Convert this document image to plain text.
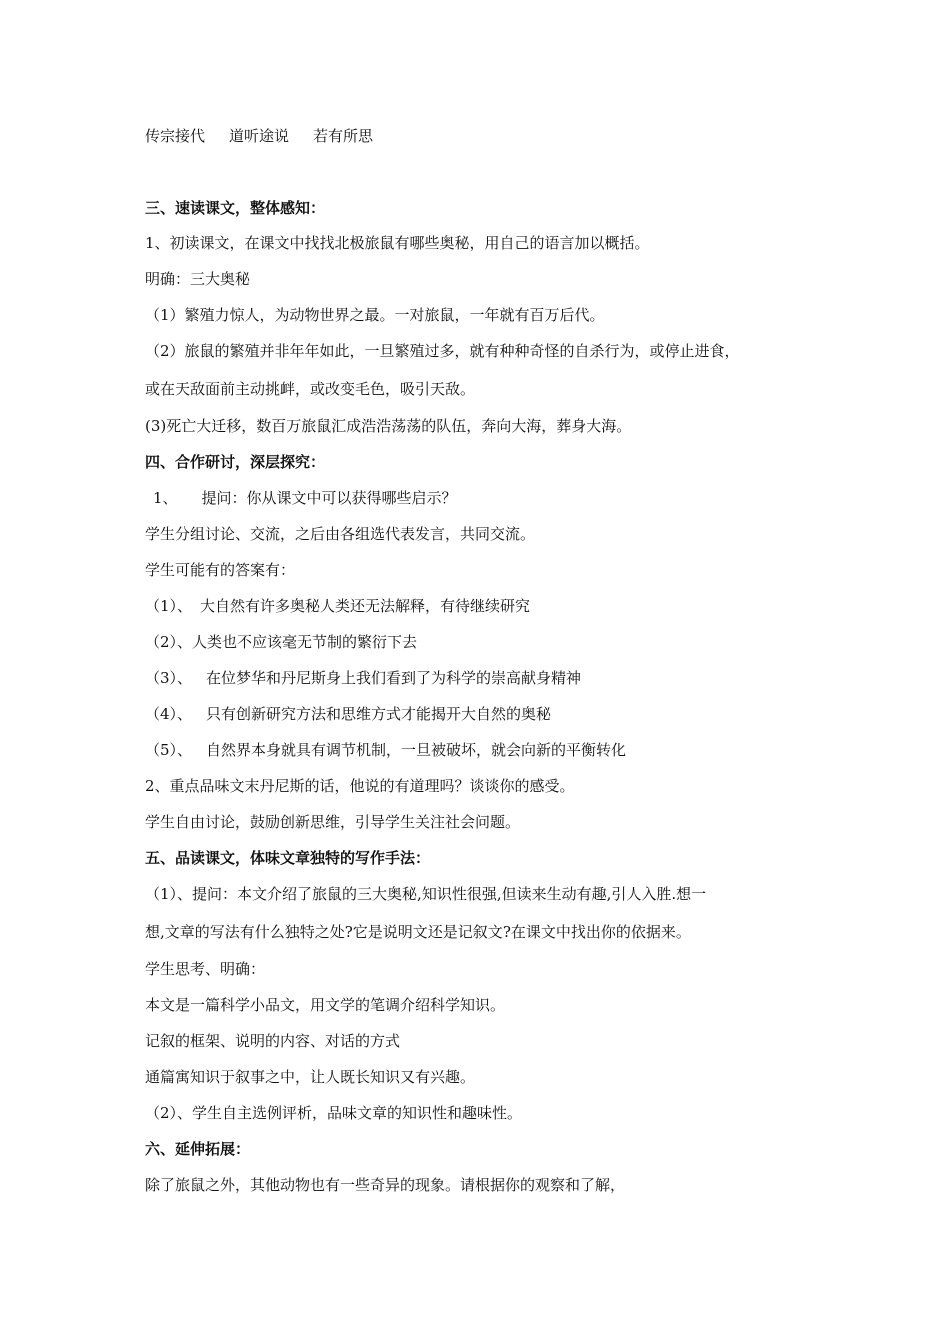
传宗接代 道听途说 若有所思
三、速读课文，整体感知：
1、初读课文，在课文中找找北极旅鼠有哪些奥秘，用自己的语言加以概括。
明确：三大奥秘
（1）繁殖力惊人，为动物世界之最。一对旅鼠，一年就有百万后代。
（2）旅鼠的繁殖并非年年如此，一旦繁殖过多，就有种种奇怪的自杀行为，或停止进食，
或在天敌面前主动挑衅，或改变毛色，吸引天敌。
(3)死亡大迁移，数百万旅鼠汇成浩浩荡荡的队伍，奔向大海，葬身大海。
四、合作研讨，深层探究：
1、 提问：你从课文中可以获得哪些启示？
学生分组讨论、交流，之后由各组选代表发言，共同交流。
学生可能有的答案有：
（1）、 大自然有许多奥秘人类还无法解释，有待继续研究
（2）、人类也不应该毫无节制的繁衍下去
（3）、 在位梦华和丹尼斯身上我们看到了为科学的崇高献身精神
（4）、 只有创新研究方法和思维方式才能揭开大自然的奥秘
（5）、 自然界本身就具有调节机制，一旦被破坏，就会向新的平衡转化
2、重点品味文末丹尼斯的话，他说的有道理吗？谈谈你的感受。
学生自由讨论，鼓励创新思维，引导学生关注社会问题。
五、品读课文，体味文章独特的写作手法：
（1）、提问：本文介绍了旅鼠的三大奥秘,知识性很强,但读来生动有趣,引人入胜.想一
想,文章的写法有什么独特之处?它是说明文还是记叙文?在课文中找出你的依据来。
学生思考、明确：
本文是一篇科学小品文，用文学的笔调介绍科学知识。
记叙的框架、说明的内容、对话的方式
通篇寓知识于叙事之中，让人既长知识又有兴趣。
（2）、学生自主选例评析，品味文章的知识性和趣味性。
六、延伸拓展：
除了旅鼠之外，其他动物也有一些奇异的现象。请根据你的观察和了解，
